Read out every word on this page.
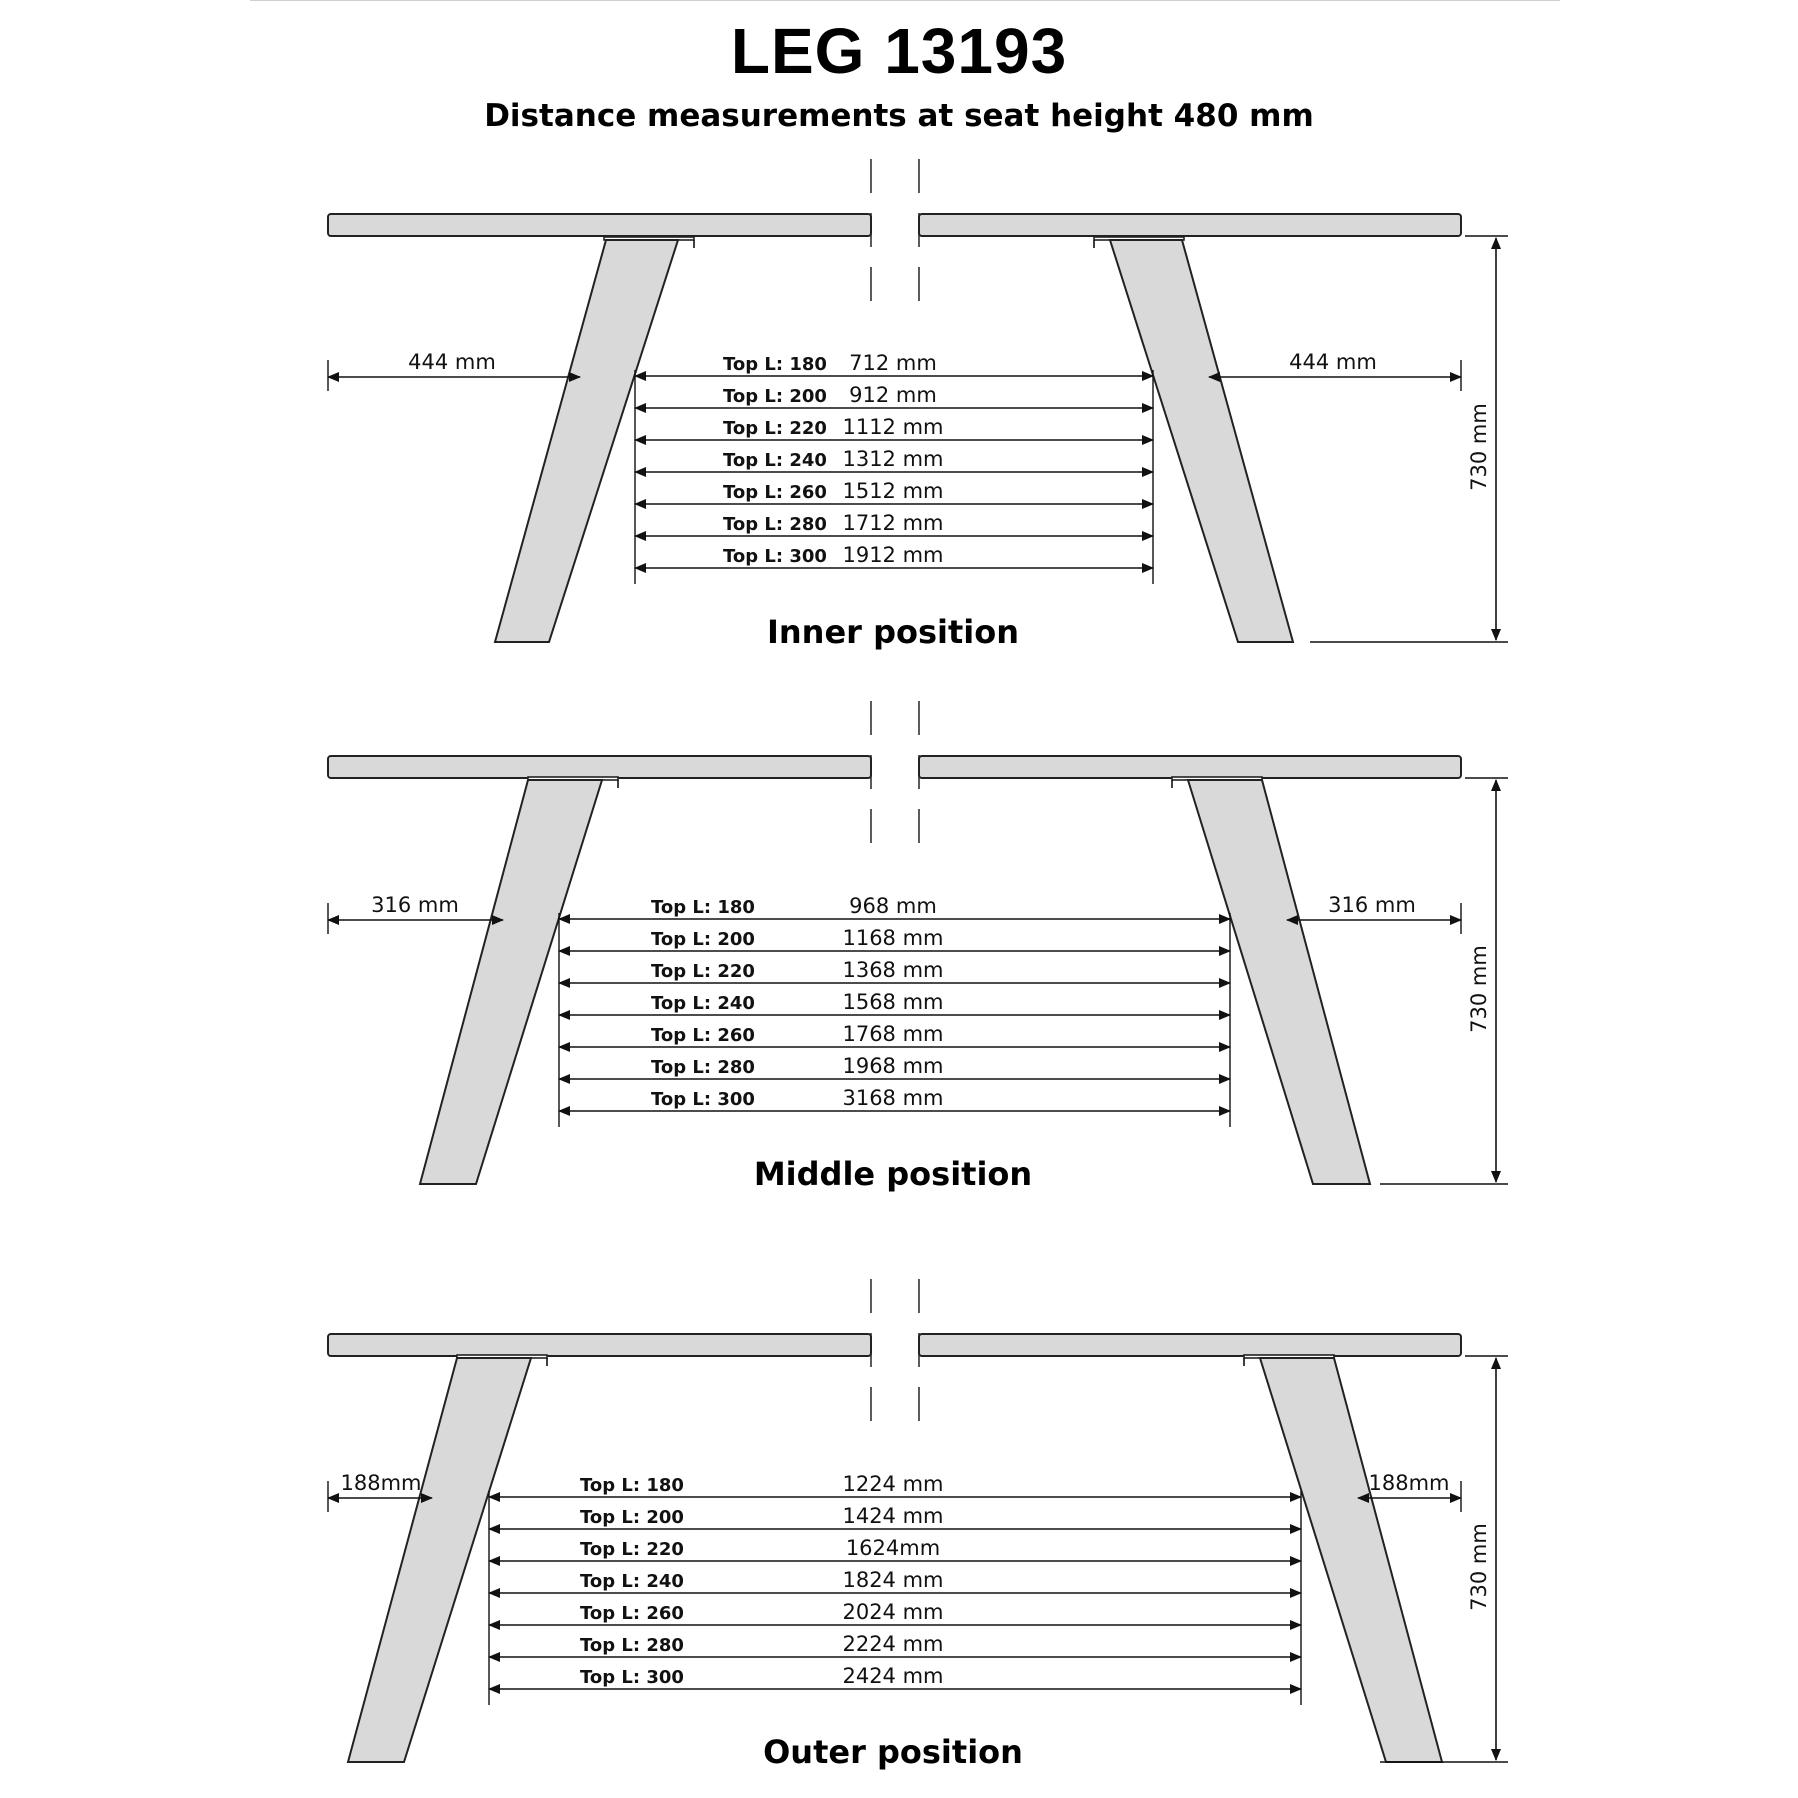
LEG 13193
Distance measurements at seat height 480 mm
444 mm	444 mm
Top L: 180 712 mm
Top L: 200 912 mm
Top L: 220 1112 mm
Top L: 240 1312 mm
Top L: 260 1512 mm
Top L: 280 1712 mm
Top L: 300 1912 mm
730 mm
Inner position
316 mm	316 mm
Top L: 180	968 mm
Top L: 200	1168 mm
Top L: 220	1368 mm
Top L: 240	1568 mm
Top L: 260	1768 mm
Top L: 280	1968 mm
Top L: 300	3168 mm
730 mm
Middle position
188mm	188mm
Top L: 180	1224 mm
Top L: 200	1424 mm
Top L: 220	1624mm
Top L: 240	1824 mm
Top L: 260	2024 mm
Top L: 280	2224 mm
Top L: 300	2424 mm
730 mm
Outer position
